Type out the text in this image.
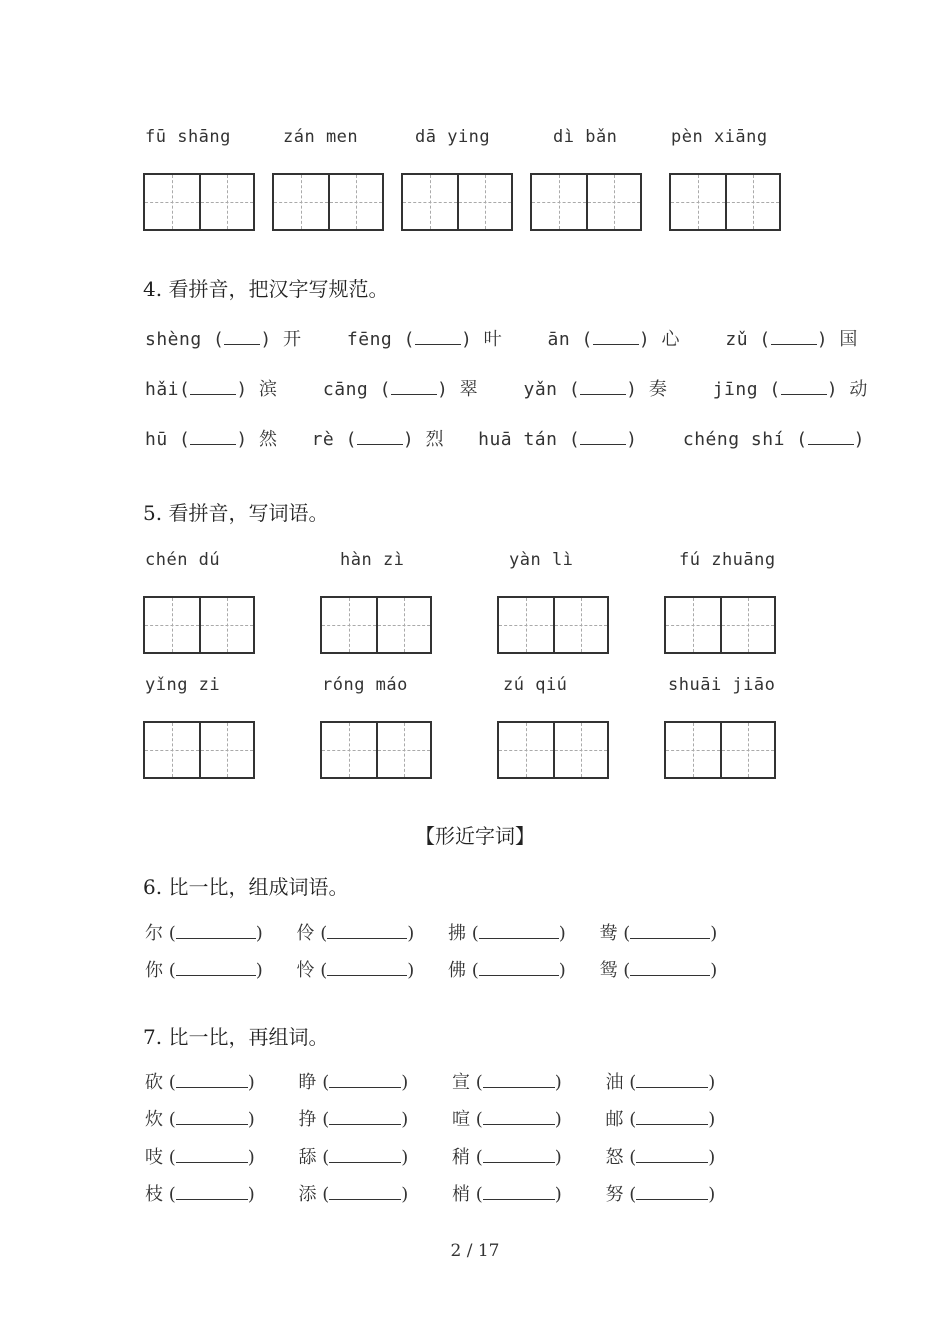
fū shāng	zán men	dā ying	dì bǎn	pèn xiāng
4. 看拼音，把汉字写规范。
shèng ( ) 开	fēng (	) 叶	ān (	) 心	zǔ (	) 国
hǎi(	) 滨	cāng (	) 翠	yǎn (	) 奏	jīng (	) 动
hū (	) 然 rè (	) 烈 huā tán (	)	chéng shí (	)
5. 看拼音，写词语。
chén dú	hàn zì	yàn lì	fú zhuāng
yǐng zi	róng máo	zú qiú	shuāi jiāo
【形近字词】
6. 比一比，组成词语。
尔 (	) 伶 (	) 拂 (	) 鸯 (	)
你 (	) 怜 (	) 佛 (	) 鸳 (	)
7. 比一比，再组词。
砍 (	) 睁 (	) 宣 (	) 油 (	)
炊 (	) 挣 (	) 喧 (	) 邮 (	)
吱 (	) 舔 (	) 稍 (	) 怒 (	)
枝 (	) 添 (	) 梢 (	) 努 (	)
2 / 17
